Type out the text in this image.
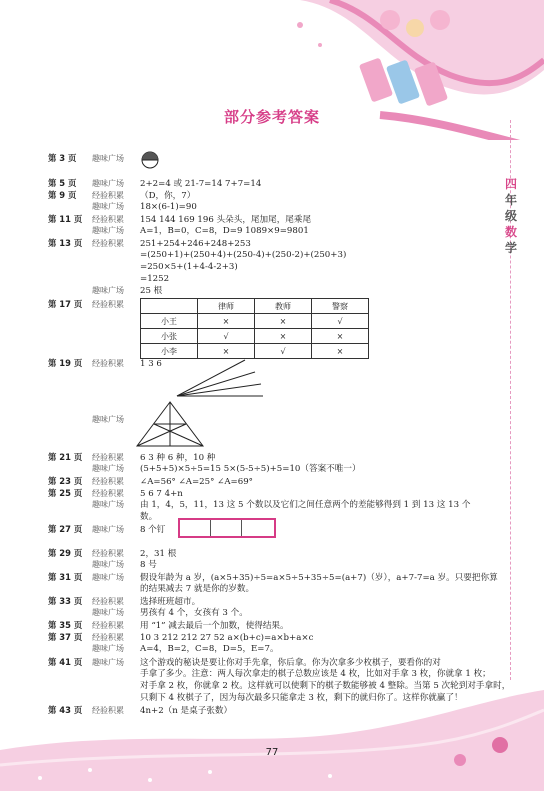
四
年
级
数
学
部分参考答案
第 3 页 趣味广场
第 5 页 趣味广场 2+2=4 或 21-7=14 7+7=14
第 9 页 经验积累 （D，你，7）
趣味广场 18×(6-1)=90
第 11 页 经验积累 154 144 169 196 头朵头，尾加尾，尾乘尾
趣味广场 A=1，B=0，C=8，D=9 1089×9=9801
第 13 页 经验积累 251+254+246+248+253
=(250+1)+(250+4)+(250-4)+(250-2)+(250+3)
=250×5+(1+4-4-2+3)
=1252
趣味广场 25 根
第 17 页 经验积累
		律师	教师	警察
小王	×	×	√
小张	√	×	×
小李	×	√	×
第 19 页 经验积累 1 3 6
趣味广场
第 21 页 经验积累 6 3 种 6 种，10 种
趣味广场 (5+5+5)×5÷5=15 5×(5-5÷5)+5=10（答案不唯一）
第 23 页 经验积累 ∠A=56° ∠A=25° ∠A=69°
第 25 页 经验积累 5 6 7 4+n
趣味广场 由 1，4，5，11，13 这 5 个数以及它们之间任意两个的差能够得到 1 到 13 这 13 个
数。
第 27 页 趣味广场 8 个钉
第 29 页 经验积累 2，31 根
趣味广场 8 号
第 31 页 趣味广场 假设年龄为 a 岁，(a×5+35)÷5=a×5÷5+35÷5=(a+7)（岁），a+7-7=a 岁。只要把你算
的结果减去 7 就是你的岁数。
第 33 页 经验积累 选择班班超市。
趣味广场 男孩有 4 个，女孩有 3 个。
第 35 页 经验积累 用 “1” 减去最后一个加数，使得结果。
第 37 页 经验积累 10 3 212 212 27 52 a×(b+c)=a×b+a×c
趣味广场 A=4，B=2，C=8，D=5，E=7。
第 41 页 趣味广场 这个游戏的秘诀是要让你对手先拿，你后拿。你为次拿多少枚棋子，要看你的对
手拿了多少。注意：两人每次拿走的棋子总数应该是 4 枚，比如对手拿 3 枚，你就拿 1 枚；
对手拿 2 枚，你就拿 2 枚。这样就可以使剩下的棋子数能够被 4 整除。当第 5 次轮到对手拿时，
只剩下 4 枚棋子了，因为每次最多只能拿走 3 枚，剩下的就归你了。这样你就赢了！
第 43 页 经验积累 4n+2（n 是桌子张数）
77
